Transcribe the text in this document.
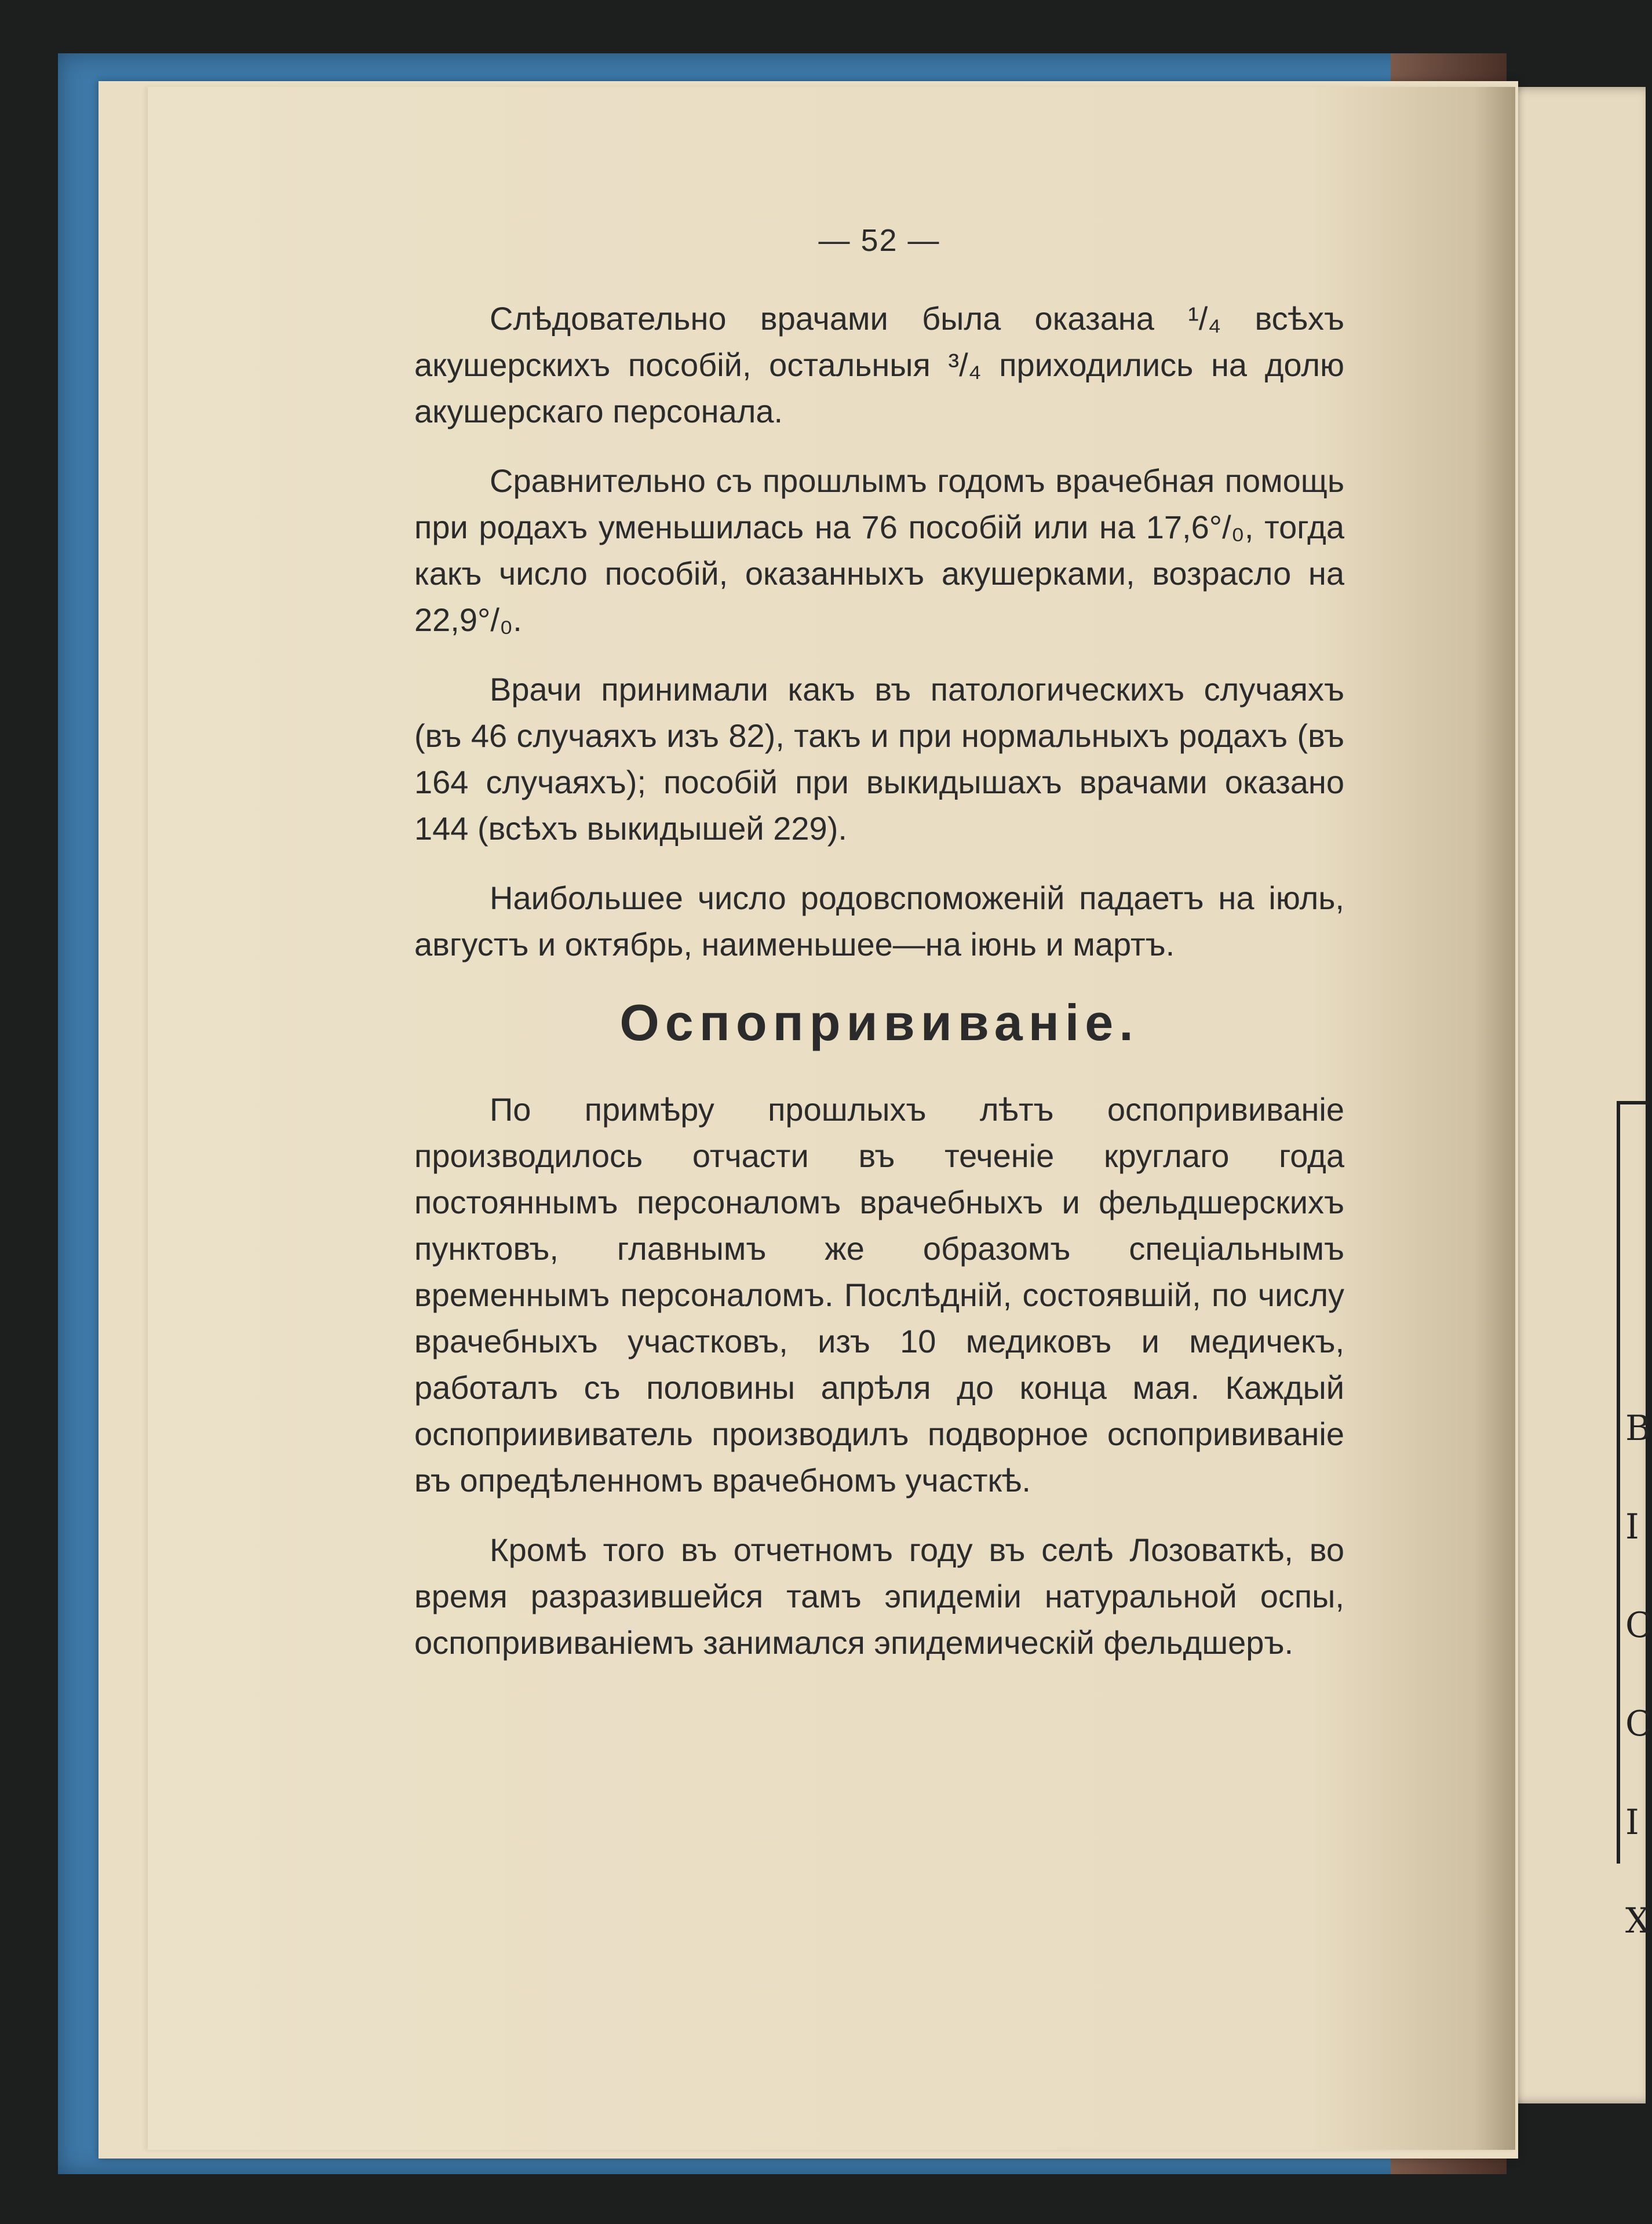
В
І
С
С
І
Х
— 52 —

Слѣдовательно врачами была оказана ¹/₄ всѣхъ акушерскихъ пособій, остальныя ³/₄ приходились на долю акушерскаго персонала.

Сравнительно съ прошлымъ годомъ врачебная помощь при родахъ уменьшилась на 76 пособій или на 17,6°/₀, тогда какъ число пособій, оказанныхъ акушерками, возрасло на 22,9°/₀.

Врачи принимали какъ въ патологическихъ случаяхъ (въ 46 случаяхъ изъ 82), такъ и при нормальныхъ родахъ (въ 164 случаяхъ); пособій при выкидышахъ врачами оказано 144 (всѣхъ выкидышей 229).

Наибольшее число родовспоможеній падаетъ на іюль, августъ и октябрь, наименьшее—на іюнь и мартъ.

Оспопрививаніе.

По примѣру прошлыхъ лѣтъ оспопрививаніе производилось отчасти въ теченіе круглаго года постояннымъ персоналомъ врачебныхъ и фельдшерскихъ пунктовъ, главнымъ же образомъ спеціальнымъ временнымъ персоналомъ. Послѣдній, состоявшій, по числу врачебныхъ участковъ, изъ 10 медиковъ и медичекъ, работалъ съ половины апрѣля до конца мая. Каждый оспоприививатель производилъ подворное оспопрививаніе въ опредѣленномъ врачебномъ участкѣ.

Кромѣ того въ отчетномъ году въ селѣ Лозоваткѣ, во время разразившейся тамъ эпидеміи натуральной оспы, оспопрививаніемъ занимался эпидемическій фельдшеръ.
